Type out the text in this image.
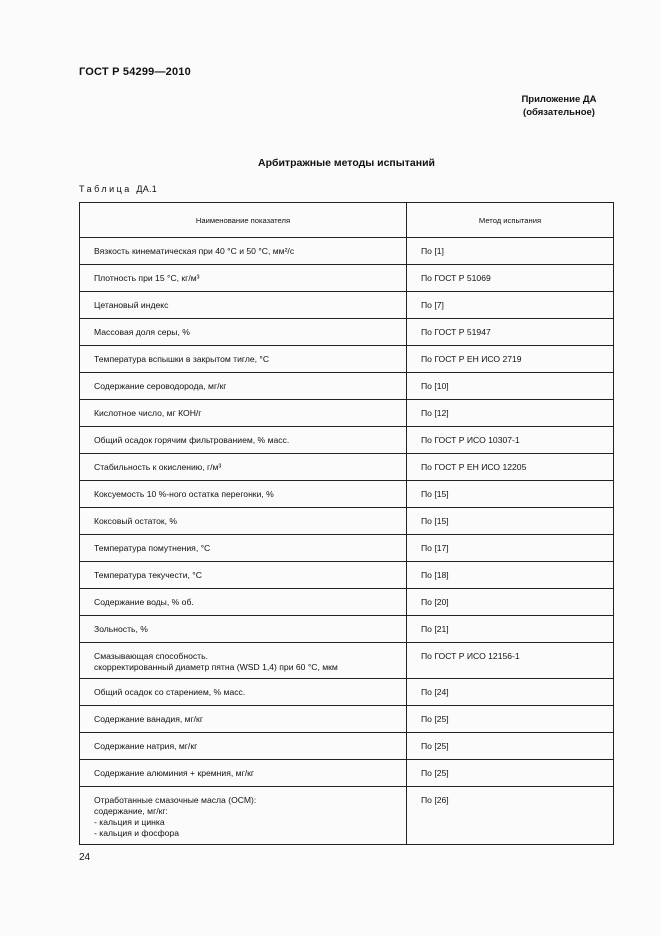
ГОСТ Р 54299—2010
Приложение ДА
(обязательное)
Арбитражные методы испытаний
Таблица ДА.1
Наименование показателя	Метод испытания

Вязкость кинематическая при 40 °С и 50 °С, мм²/с	По [1]

Плотность при 15 °С, кг/м³	По ГОСТ Р 51069

Цетановый индекс	По [7]

Массовая доля серы, %	По ГОСТ Р 51947

Температура вспышки в закрытом тигле, °С	По ГОСТ Р ЕН ИСО 2719

Содержание сероводорода, мг/кг	По [10]

Кислотное число, мг КОН/г	По [12]

Общий осадок горячим фильтрованием, % масс.	По ГОСТ Р ИСО 10307-1

Стабильность к окислению, г/м³	По ГОСТ Р ЕН ИСО 12205

Коксуемость 10 %-ного остатка перегонки, %	По [15]

Коксовый остаток, %	По [15]

Температура помутнения, °С	По [17]

Температура текучести, °С	По [18]

Содержание воды, % об.	По [20]

Зольность, %	По [21]

Смазывающая способность.
скорректированный диаметр пятна (WSD 1,4) при 60 °С, мкм	По ГОСТ Р ИСО 12156-1

Общий осадок со старением, % масс.	По [24]

Содержание ванадия, мг/кг	По [25]

Содержание натрия, мг/кг	По [25]

Содержание алюминия + кремния, мг/кг	По [25]

Отработанные смазочные масла (ОСМ):
содержание, мг/кг:
- кальция и цинка
- кальция и фосфора	По [26]
24
